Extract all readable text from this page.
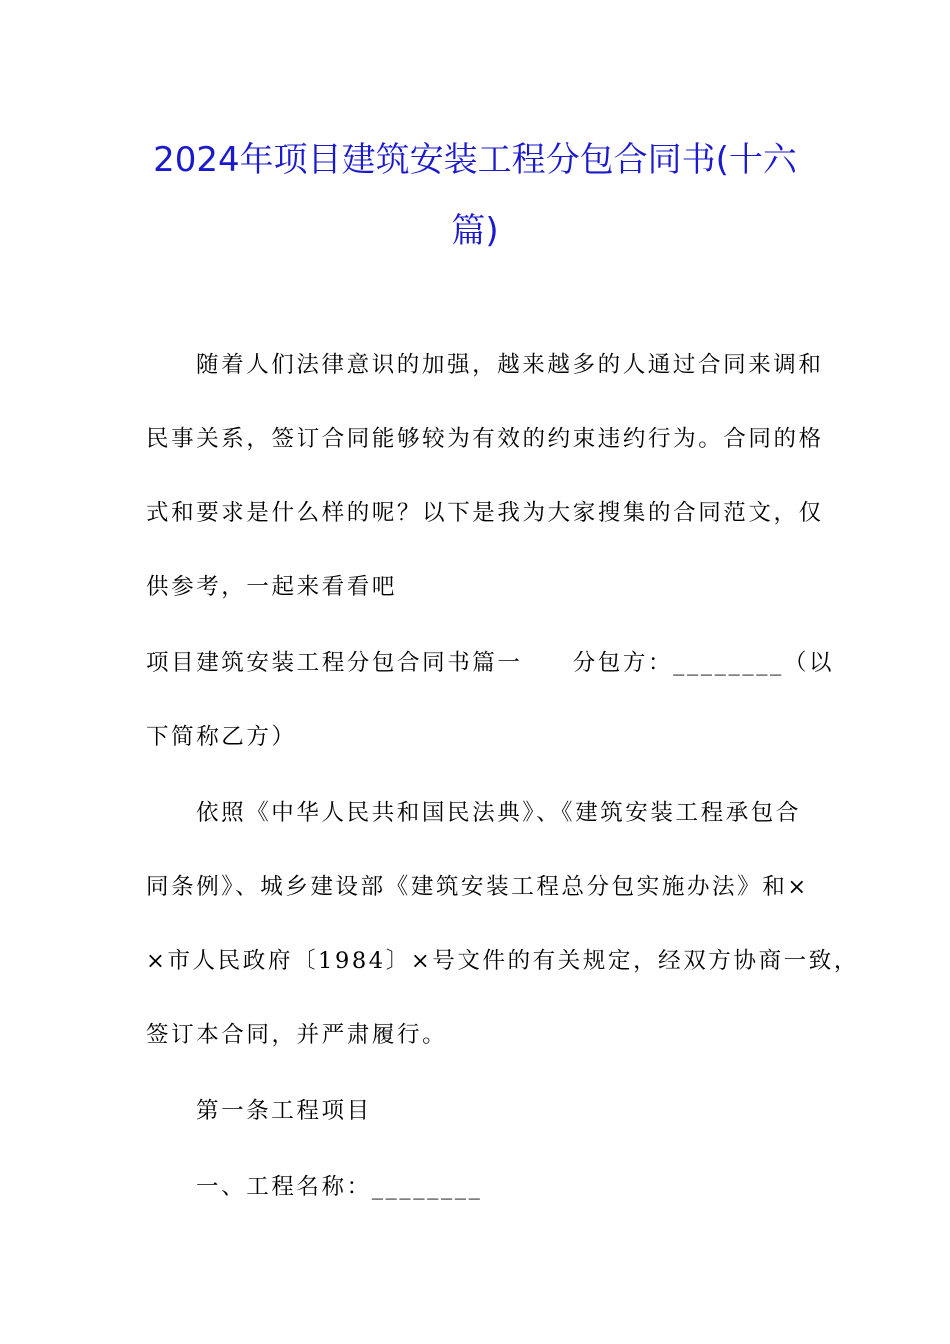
2024年项目建筑安装工程分包合同书(十六
篇)
随着人们法律意识的加强，越来越多的人通过合同来调和
民事关系，签订合同能够较为有效的约束违约行为。合同的格
式和要求是什么样的呢？以下是我为大家搜集的合同范文，仅
供参考，一起来看看吧
项目建筑安装工程分包合同书篇一　　分包方：________（以
下简称乙方）
依照《中华人民共和国民法典》、《建筑安装工程承包合
同条例》、城乡建设部《建筑安装工程总分包实施办法》和×
×市人民政府〔1984〕×号文件的有关规定，经双方协商一致，
签订本合同，并严肃履行。
第一条工程项目
一、工程名称：________
